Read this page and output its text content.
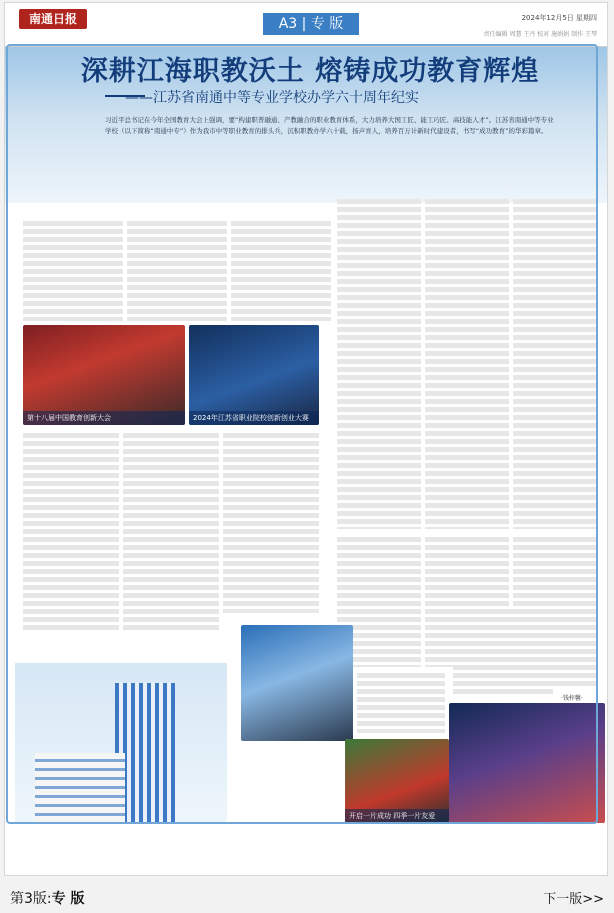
南通日报	A3 | 专 版	2024年12月5日 星期四
责任编辑 周慧 王丹 校对 施娟娟 制作 王琴
深耕江海职教沃土 熔铸成功教育辉煌
——江苏省南通中等专业学校办学六十周年纪实
习近平总书记在今年全国教育大会上强调，要“构建职普融通、产教融合的职业教育体系，大力培养大国工匠、能工巧匠、高技能人才”。江苏省南通中等专业学校（以下简称“南通中专”）作为我市中等职业教育的排头兵，沉积职教办学六十载，扬声育人，培养百万计新时代建设者，书写“成功教育”的华彩篇章。
第十八届中国教育创新大会	2024年江苏省职业院校创新创业大赛
开启一片成功 四季一片友爱
·钱梓馨·
第3版:专 版	下一版>>
